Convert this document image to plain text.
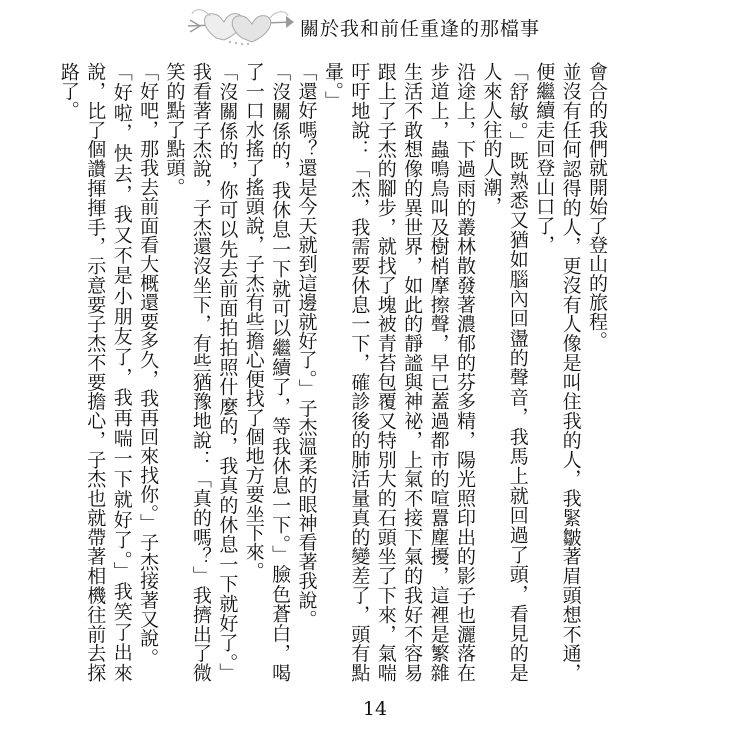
關於我和前任重逢的那檔事

會合的我們就開始了登山的旅程。

並沒有任何認得的人，更沒有人像是叫住我的人，我緊皺著眉頭想不通，便繼續走回登山口了，

「舒敏。」既熟悉又猶如腦內回盪的聲音，我馬上就回過了頭，看見的是人來人往的人潮，

沿途上，下過雨的叢林散發著濃郁的芬多精，陽光照印出的影子也灑落在步道上，蟲鳴鳥叫及樹梢摩擦聲，早已蓋過都市的喧囂塵擾，這裡是繁雜生活不敢想像的異世界，如此的靜謐與神祕，上氣不接下氣的我好不容易跟上了子杰的腳步，就找了塊被青苔包覆又特別大的石頭坐了下來，氣喘吁吁地說：「杰，我需要休息一下，確診後的肺活量真的變差了，頭有點暈。」

「還好嗎？還是今天就到這邊就好了。」子杰溫柔的眼神看著我說。

「沒關係的，我休息一下就可以繼續了，等我休息一下。」臉色蒼白，喝了一口水搖了搖頭說，子杰有些擔心便找了個地方要坐下來。

「沒關係的，你可以先去前面拍拍照什麼的，我真的休息一下就好了。」我看著子杰說，子杰還沒坐下，有些猶豫地說：「真的嗎？」我擠出了微笑的點了點頭。

「好吧，那我去前面看大概還要多久，我再回來找你。」子杰接著又說。

「好啦，快去，我又不是小朋友了，我再喘一下就好了。」我笑了出來說，比了個讚揮揮手，示意要子杰不要擔心，子杰也就帶著相機往前去探路了。

14
